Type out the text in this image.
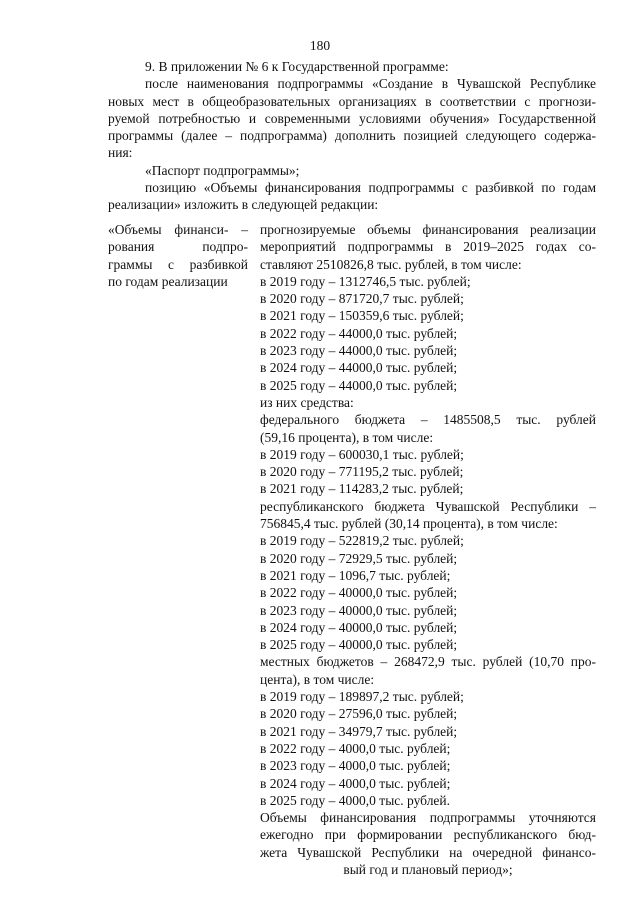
180

9. В приложении № 6 к Государственной программе:

после наименования подпрограммы «Создание в Чувашской Республике

новых мест в общеобразовательных организациях в соответствии с прогнози-

руемой потребностью и современными условиями обучения» Государственной

программы (далее – подпрограмма) дополнить позицией следующего содержа-

ния:

«Паспорт подпрограммы»;

позицию «Объемы финансирования подпрограммы с разбивкой по годам

реализации» изложить в следующей редакции:

«Объемы финанси- –
рования подпро-
граммы с разбивкой
по годам реализации
прогнозируемые объемы финансирования реализации
мероприятий подпрограммы в 2019–2025 годах со-
ставляют 2510826,8 тыс. рублей, в том числе:
в 2019 году – 1312746,5 тыс. рублей;
в 2020 году – 871720,7 тыс. рублей;
в 2021 году – 150359,6 тыс. рублей;
в 2022 году – 44000,0 тыс. рублей;
в 2023 году – 44000,0 тыс. рублей;
в 2024 году – 44000,0 тыс. рублей;
в 2025 году – 44000,0 тыс. рублей;
из них средства:
федерального бюджета – 1485508,5 тыс. рублей
(59,16 процента), в том числе:
в 2019 году – 600030,1 тыс. рублей;
в 2020 году – 771195,2 тыс. рублей;
в 2021 году – 114283,2 тыс. рублей;
республиканского бюджета Чувашской Республики –
756845,4 тыс. рублей (30,14 процента), в том числе:
в 2019 году – 522819,2 тыс. рублей;
в 2020 году – 72929,5 тыс. рублей;
в 2021 году – 1096,7 тыс. рублей;
в 2022 году – 40000,0 тыс. рублей;
в 2023 году – 40000,0 тыс. рублей;
в 2024 году – 40000,0 тыс. рублей;
в 2025 году – 40000,0 тыс. рублей;
местных бюджетов – 268472,9 тыс. рублей (10,70 про-
цента), в том числе:
в 2019 году – 189897,2 тыс. рублей;
в 2020 году – 27596,0 тыс. рублей;
в 2021 году – 34979,7 тыс. рублей;
в 2022 году – 4000,0 тыс. рублей;
в 2023 году – 4000,0 тыс. рублей;
в 2024 году – 4000,0 тыс. рублей;
в 2025 году – 4000,0 тыс. рублей.
Объемы финансирования подпрограммы уточняются
ежегодно при формировании республиканского бюд-
жета Чувашской Республики на очередной финансо-
вый год и плановый период»;
